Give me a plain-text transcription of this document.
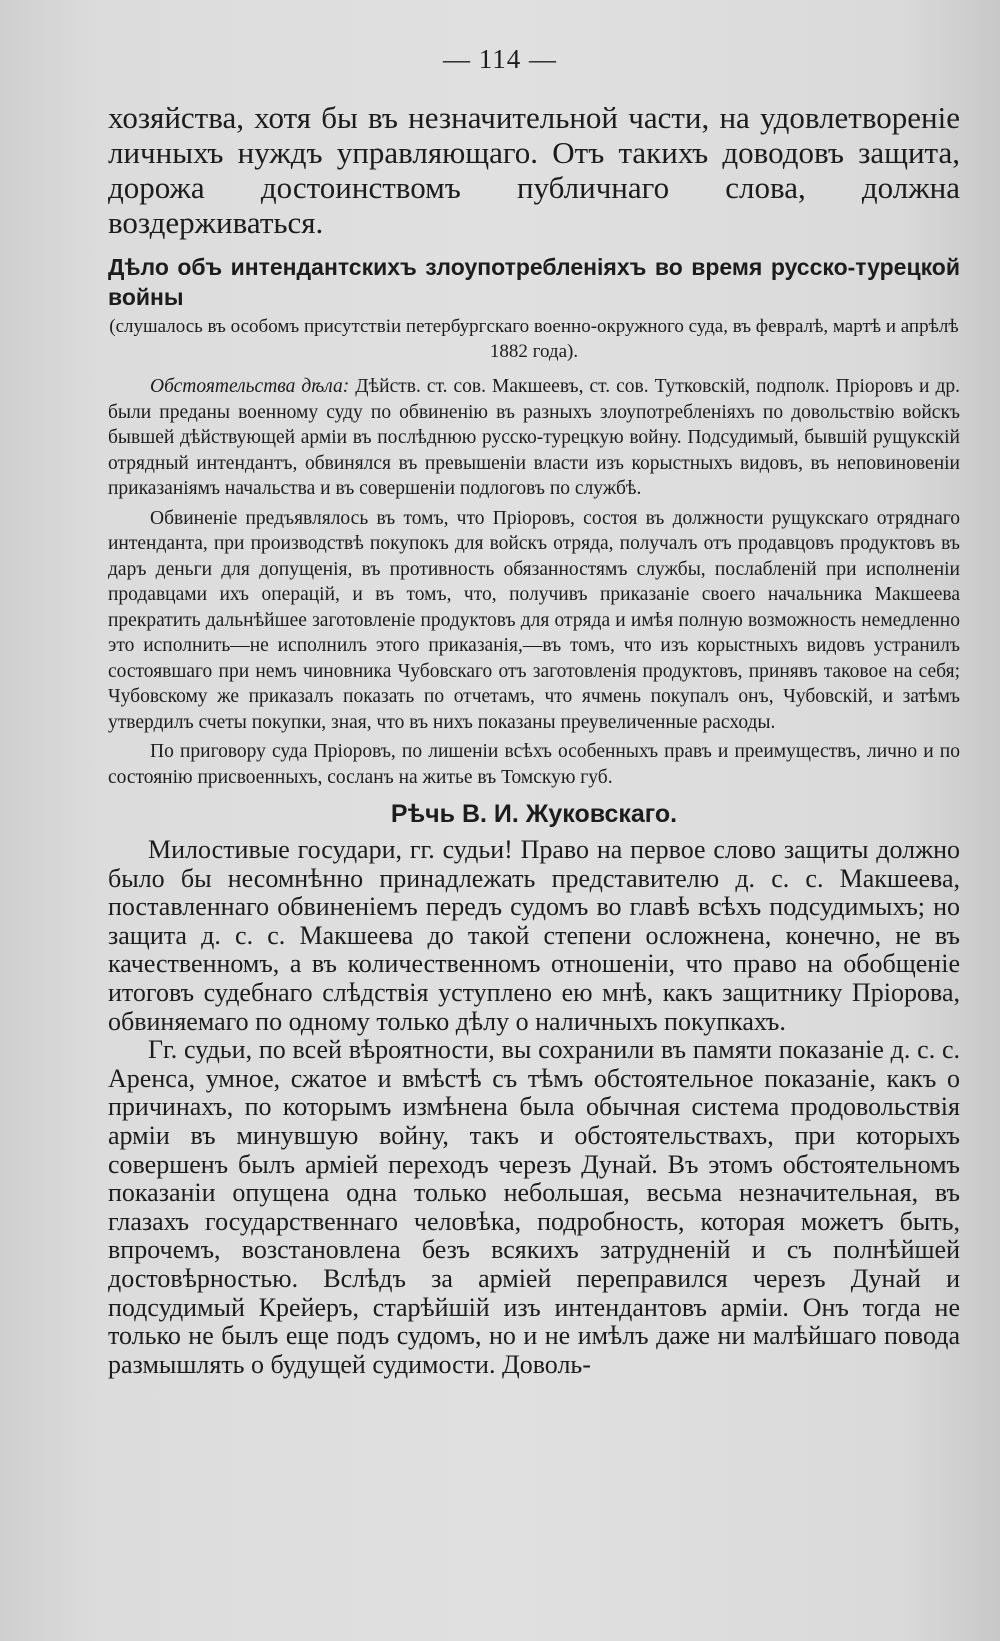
— 114 —

хозяйства, хотя бы въ незначительной части, на удовлетвореніе личныхъ нуждъ управляющаго. Отъ такихъ доводовъ защита, дорожа достоинствомъ публичнаго слова, должна воздерживаться.

Дѣло объ интендантскихъ злоупотребленіяхъ во время русско-турецкой войны
(слушалось въ особомъ присутствіи петербургскаго военно-окружного суда, въ февралѣ, мартѣ и апрѣлѣ 1882 года).

Обстоятельства дѣла: Дѣйств. ст. сов. Макшеевъ, ст. сов. Тутковскій, подполк. Пріоровъ и др. были преданы военному суду по обвиненію въ разныхъ злоупотребленіяхъ по довольствію войскъ бывшей дѣйствующей арміи въ послѣднюю русско-турецкую войну. Подсудимый, бывшій рущукскій отрядный интендантъ, обвинялся въ превышеніи власти изъ корыстныхъ видовъ, въ неповиновеніи приказаніямъ начальства и въ совершеніи подлоговъ по службѣ.

Обвиненіе предъявлялось въ томъ, что Пріоровъ, состоя въ должности рущукскаго отряднаго интенданта, при производствѣ покупокъ для войскъ отряда, получалъ отъ продавцовъ продуктовъ въ даръ деньги для допущенія, въ противность обязанностямъ службы, послабленій при исполненіи продавцами ихъ операцій, и въ томъ, что, получивъ приказаніе своего начальника Макшеева прекратить дальнѣйшее заготовленіе продуктовъ для отряда и имѣя полную возможность немедленно это исполнить—не исполнилъ этого приказанія,—въ томъ, что изъ корыстныхъ видовъ устранилъ состоявшаго при немъ чиновника Чубовскаго отъ заготовленія продуктовъ, принявъ таковое на себя; Чубовскому же приказалъ показать по отчетамъ, что ячмень покупалъ онъ, Чубовскій, и затѣмъ утвердилъ счеты покупки, зная, что въ нихъ показаны преувеличенные расходы.

По приговору суда Пріоровъ, по лишеніи всѣхъ особенныхъ правъ и преимуществъ, лично и по состоянію присвоенныхъ, сосланъ на житье въ Томскую губ.

Рѣчь В. И. Жуковскаго.

Милостивые государи, гг. судьи! Право на первое слово защиты должно было бы несомнѣнно принадлежать представителю д. с. с. Макшеева, поставленнаго обвиненіемъ передъ судомъ во главѣ всѣхъ подсудимыхъ; но защита д. с. с. Макшеева до такой степени осложнена, конечно, не въ качественномъ, а въ количественномъ отношеніи, что право на обобщеніе итоговъ судебнаго слѣдствія уступлено ею мнѣ, какъ защитнику Пріорова, обвиняемаго по одному только дѣлу о наличныхъ покупкахъ.

Гг. судьи, по всей вѣроятности, вы сохранили въ памяти показаніе д. с. с. Аренса, умное, сжатое и вмѣстѣ съ тѣмъ обстоятельное показаніе, какъ о причинахъ, по которымъ измѣнена была обычная система продовольствія арміи въ минувшую войну, такъ и обстоятельствахъ, при которыхъ совершенъ былъ арміей переходъ черезъ Дунай. Въ этомъ обстоятельномъ показаніи опущена одна только небольшая, весьма незначительная, въ глазахъ государственнаго человѣка, подробность, которая можетъ быть, впрочемъ, возстановлена безъ всякихъ затрудненій и съ полнѣйшей достовѣрностью. Вслѣдъ за арміей переправился черезъ Дунай и подсудимый Крейеръ, старѣйшій изъ интендантовъ арміи. Онъ тогда не только не былъ еще подъ судомъ, но и не имѣлъ даже ни малѣйшаго повода размышлять о будущей судимости. Доволь-
